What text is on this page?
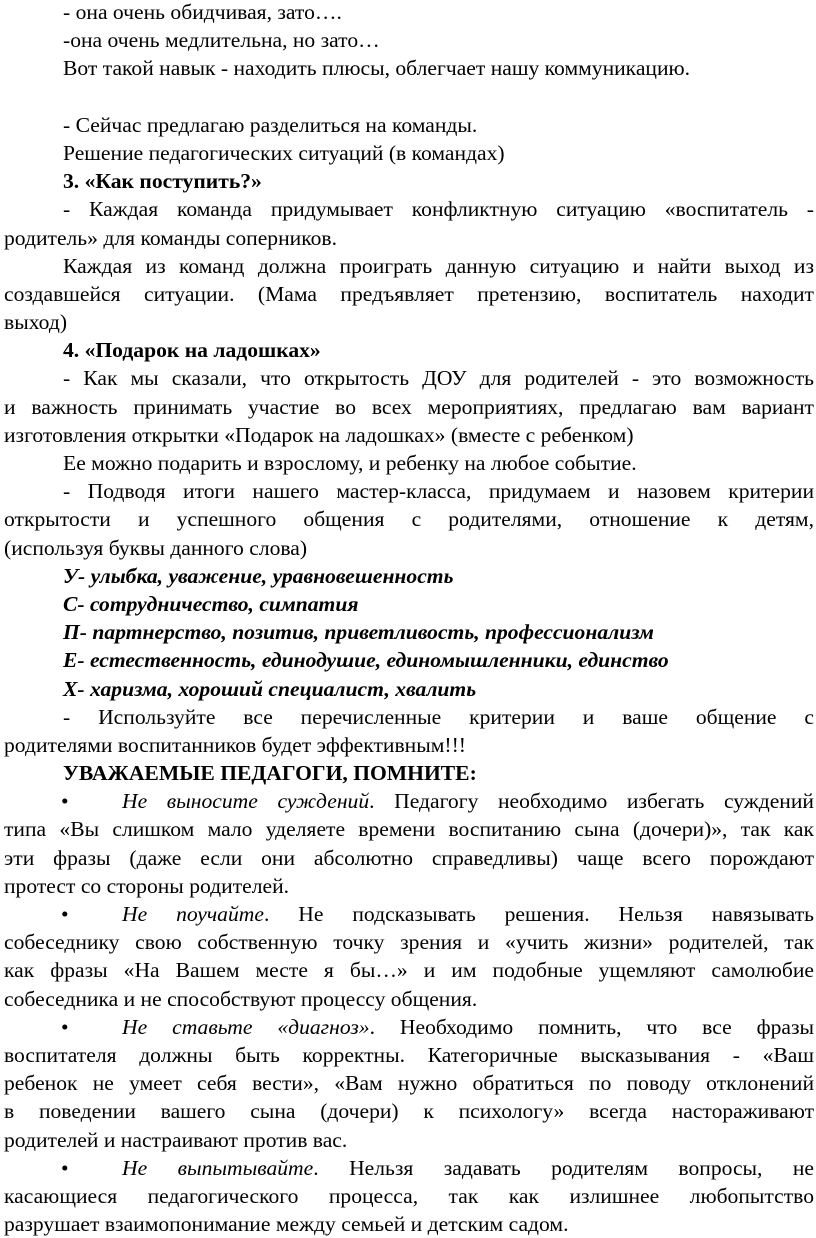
- она очень обидчивая, зато….
-она очень медлительна, но зато…
Вот такой навык - находить плюсы, облегчает нашу коммуникацию.
- Сейчас предлагаю разделиться на команды.
Решение педагогических ситуаций (в командах)
3. «Как поступить?»
- Каждая команда придумывает конфликтную ситуацию «воспитатель -
родитель» для команды соперников.
Каждая из команд должна проиграть данную ситуацию и найти выход из
создавшейся ситуации. (Мама предъявляет претензию, воспитатель находит
выход)
4. «Подарок на ладошках»
- Как мы сказали, что открытость ДОУ для родителей - это возможность
и важность принимать участие во всех мероприятиях, предлагаю вам вариант
изготовления открытки «Подарок на ладошках» (вместе с ребенком)
Ее можно подарить и взрослому, и ребенку на любое событие.
- Подводя итоги нашего мастер-класса, придумаем и назовем критерии
открытости и успешного общения с родителями, отношение к детям,
(используя буквы данного слова)
У- улыбка, уважение, уравновешенность
С- сотрудничество, симпатия
П- партнерство, позитив, приветливость, профессионализм
Е- естественность, единодушие, единомышленники, единство
Х- харизма, хороший специалист, хвалить
- Используйте все перечисленные критерии и ваше общение с
родителями воспитанников будет эффективным!!!
УВАЖАЕМЫЕ ПЕДАГОГИ, ПОМНИТЕ:
• Не выносите суждений. Педагогу необходимо избегать суждений
типа «Вы слишком мало уделяете времени воспитанию сына (дочери)», так как
эти фразы (даже если они абсолютно справедливы) чаще всего порождают
протест со стороны родителей.
• Не поучайте. Не подсказывать решения. Нельзя навязывать
собеседнику свою собственную точку зрения и «учить жизни» родителей, так
как фразы «На Вашем месте я бы…» и им подобные ущемляют самолюбие
собеседника и не способствуют процессу общения.
• Не ставьте «диагноз». Необходимо помнить, что все фразы
воспитателя должны быть корректны. Категоричные высказывания - «Ваш
ребенок не умеет себя вести», «Вам нужно обратиться по поводу отклонений
в поведении вашего сына (дочери) к психологу» всегда настораживают
родителей и настраивают против вас.
• Не выпытывайте. Нельзя задавать родителям вопросы, не
касающиеся педагогического процесса, так как излишнее любопытство
разрушает взаимопонимание между семьей и детским садом.
